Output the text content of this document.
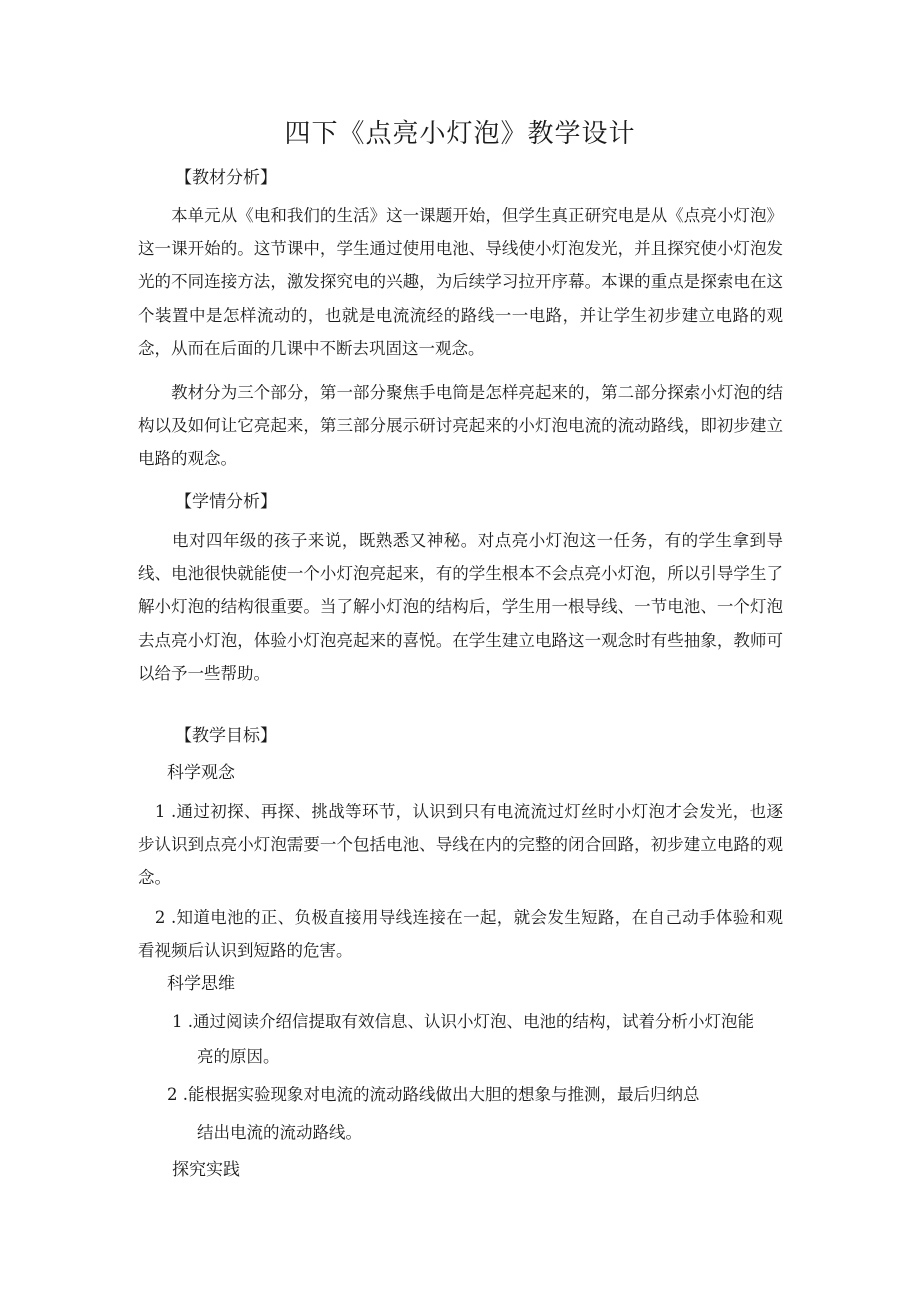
四下《点亮小灯泡》教学设计
【教材分析】

　　本单元从《电和我们的生活》这一课题开始，但学生真正研究电是从《点亮小灯泡》这一课开始的。这节课中，学生通过使用电池、导线使小灯泡发光，并且探究使小灯泡发光的不同连接方法，激发探究电的兴趣，为后续学习拉开序幕。本课的重点是探索电在这个装置中是怎样流动的，也就是电流流经的路线一一电路，并让学生初步建立电路的观念，从而在后面的几课中不断去巩固这一观念。

　　教材分为三个部分，第一部分聚焦手电筒是怎样亮起来的，第二部分探索小灯泡的结构以及如何让它亮起来，第三部分展示研讨亮起来的小灯泡电流的流动路线，即初步建立电路的观念。

【学情分析】

　　电对四年级的孩子来说，既熟悉又神秘。对点亮小灯泡这一任务，有的学生拿到导线、电池很快就能使一个小灯泡亮起来，有的学生根本不会点亮小灯泡，所以引导学生了解小灯泡的结构很重要。当了解小灯泡的结构后，学生用一根导线、一节电池、一个灯泡去点亮小灯泡，体验小灯泡亮起来的喜悦。在学生建立电路这一观念时有些抽象，教师可以给予一些帮助。

【教学目标】
科学观念

　1 .通过初探、再探、挑战等环节，认识到只有电流流过灯丝时小灯泡才会发光，也逐步认识到点亮小灯泡需要一个包括电池、导线在内的完整的闭合回路，初步建立电路的观念。

　2 .知道电池的正、负极直接用导线连接在一起，就会发生短路，在自己动手体验和观看视频后认识到短路的危害。

科学思维
1 .通过阅读介绍信提取有效信息、认识小灯泡、电池的结构，试着分析小灯泡能
亮的原因。
2 .能根据实验现象对电流的流动路线做出大胆的想象与推测，最后归纳总
结出电流的流动路线。
探究实践
